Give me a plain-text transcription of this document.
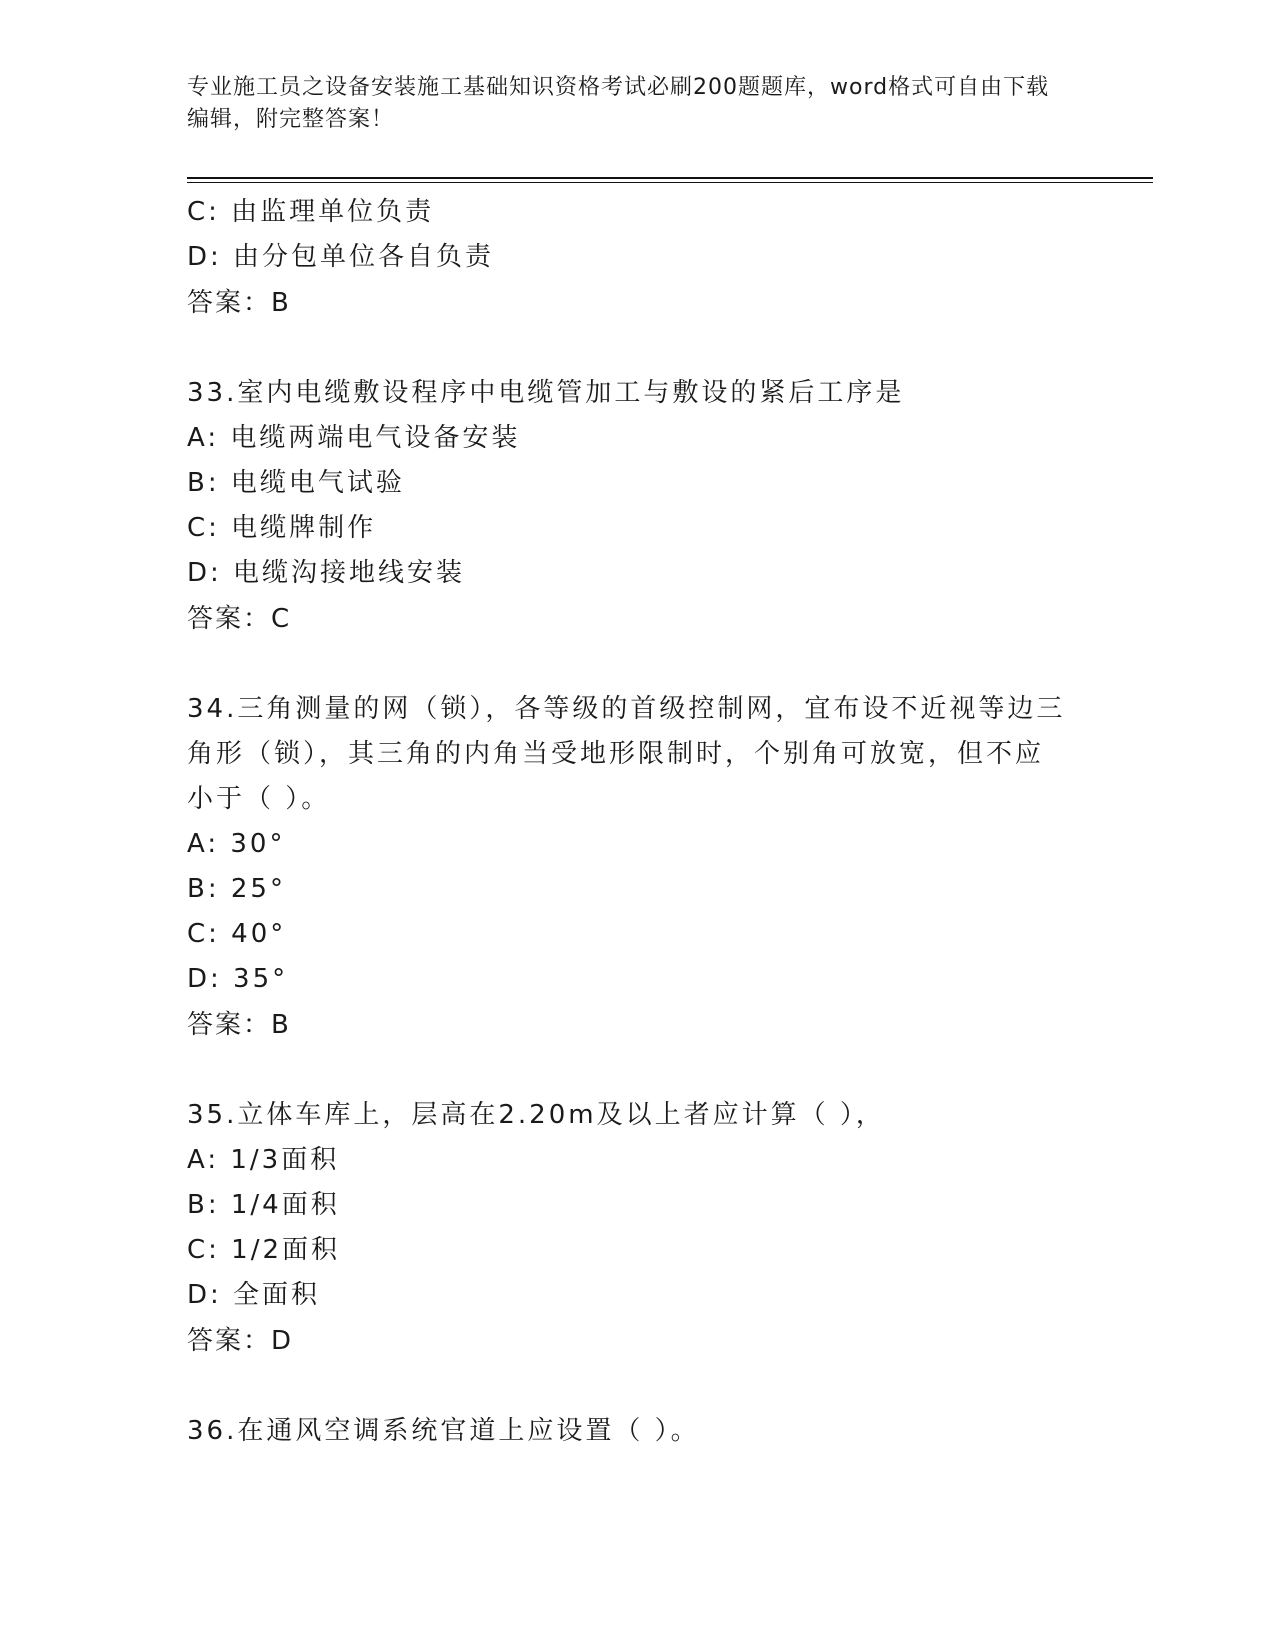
专业施工员之设备安装施工基础知识资格考试必刷200题题库，word格式可自由下载编辑，附完整答案！
C: 由监理单位负责
D: 由分包单位各自负责
答案：B
33.室内电缆敷设程序中电缆管加工与敷设的紧后工序是
A: 电缆两端电气设备安装
B: 电缆电气试验
C: 电缆牌制作
D: 电缆沟接地线安装
答案：C
34.三角测量的网（锁），各等级的首级控制网，宜布设不近视等边三
角形（锁），其三角的内角当受地形限制时，个别角可放宽，但不应
小于（ ）。
A: 30°
B: 25°
C: 40°
D: 35°
答案：B
35.立体车库上，层高在2.20m及以上者应计算（ ），
A: 1/3面积
B: 1/4面积
C: 1/2面积
D: 全面积
答案：D
36.在通风空调系统官道上应设置（ ）。
